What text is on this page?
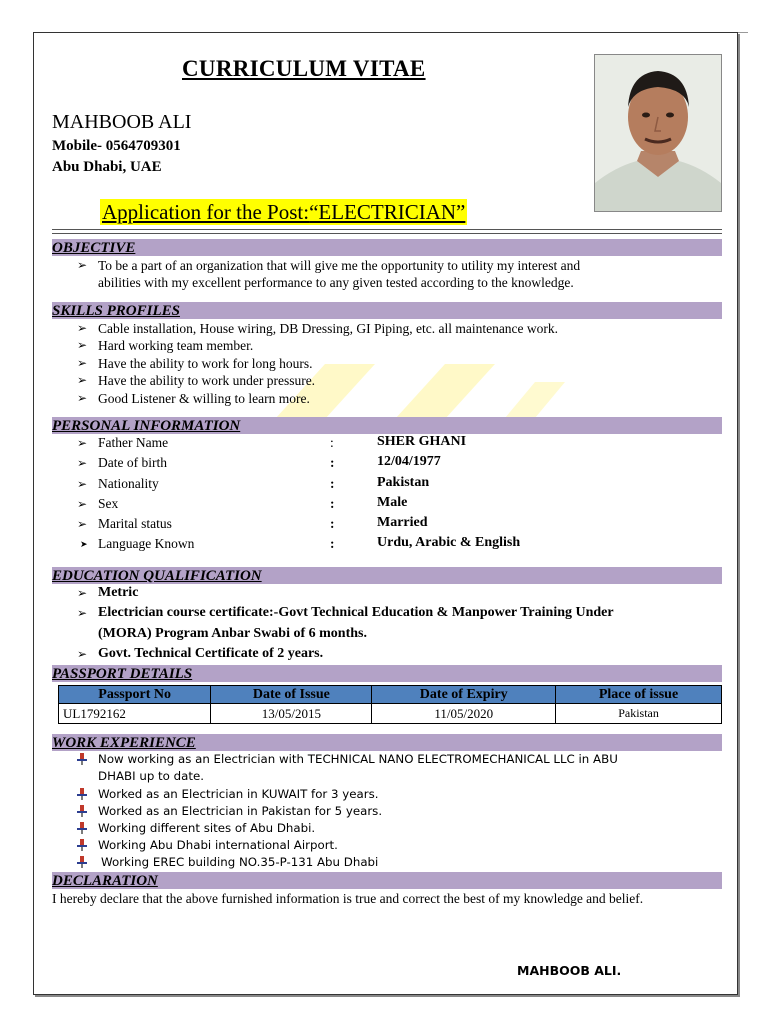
CURRICULUM VITAE
MAHBOOB ALI
Mobile- 0564709301
Abu Dhabi, UAE
Application for the Post:“ELECTRICIAN”
OBJECTIVE
➢ To be a part of an organization that will give me the opportunity to utility my interest and
abilities with my excellent performance to any given tested according to the knowledge.
SKILLS PROFILES
➢ Cable installation, House wiring, DB Dressing, GI Piping, etc. all maintenance work.
➢ Hard working team member.
➢ Have the ability to work for long hours.
➢ Have the ability to work under pressure.
➢ Good Listener & willing to learn more.
PERSONAL INFORMATION
➢ Father Name	:	SHER GHANI
➢ Date of birth	:	12/04/1977
➢ Nationality	:	Pakistan
➢ Sex	:	Male
➢ Marital status	:	Married
➤ Language Known	:	Urdu, Arabic & English
EDUCATION QUALIFICATION
➢ Metric
➢ Electrician course certificate:-Govt Technical Education & Manpower Training Under
(MORA) Program Anbar Swabi of 6 months.
➢ Govt. Technical Certificate of 2 years.
PASSPORT DETAILS
Passport No	Date of Issue	Date of Expiry	Place of issue
UL1792162	13/05/2015	11/05/2020	Pakistan
WORK EXPERIENCE
Now working as an Electrician with TECHNICAL NANO ELECTROMECHANICAL LLC in ABU
DHABI up to date.
Worked as an Electrician in KUWAIT for 3 years.
Worked as an Electrician in Pakistan for 5 years.
Working different sites of Abu Dhabi.
Working Abu Dhabi international Airport.
Working EREC building NO.35-P-131 Abu Dhabi
DECLARATION
I hereby declare that the above furnished information is true and correct the best of my knowledge and belief.
MAHBOOB ALI.
